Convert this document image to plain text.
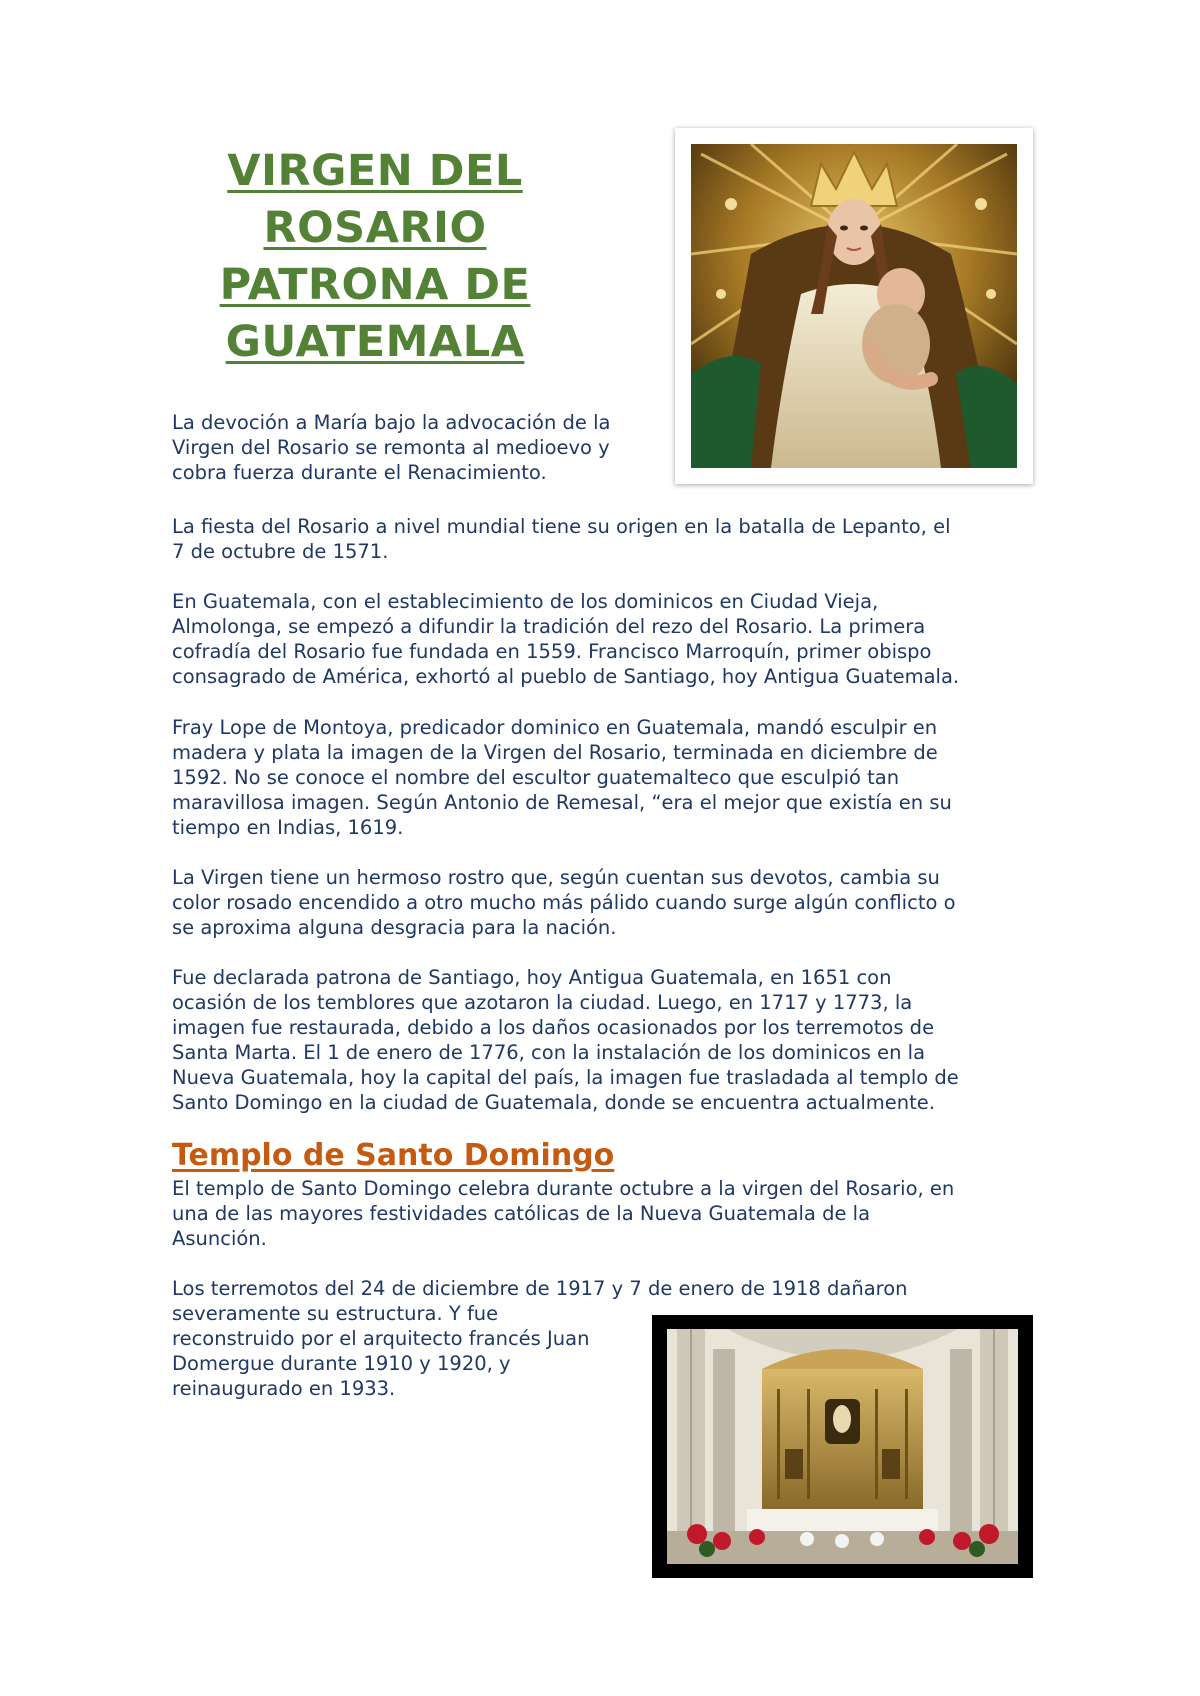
VIRGEN DEL
ROSARIO
PATRONA DE
GUATEMALA

La devoción a María bajo la advocación de la
Virgen del Rosario se remonta al medioevo y
cobra fuerza durante el Renacimiento.

La fiesta del Rosario a nivel mundial tiene su origen en la batalla de Lepanto, el
7 de octubre de 1571.

En Guatemala, con el establecimiento de los dominicos en Ciudad Vieja,
Almolonga, se empezó a difundir la tradición del rezo del Rosario. La primera
cofradía del Rosario fue fundada en 1559. Francisco Marroquín, primer obispo
consagrado de América, exhortó al pueblo de Santiago, hoy Antigua Guatemala.

Fray Lope de Montoya, predicador dominico en Guatemala, mandó esculpir en
madera y plata la imagen de la Virgen del Rosario, terminada en diciembre de
1592. No se conoce el nombre del escultor guatemalteco que esculpió tan
maravillosa imagen. Según Antonio de Remesal, “era el mejor que existía en su
tiempo en Indias, 1619.

La Virgen tiene un hermoso rostro que, según cuentan sus devotos, cambia su
color rosado encendido a otro mucho más pálido cuando surge algún conflicto o
se aproxima alguna desgracia para la nación.

Fue declarada patrona de Santiago, hoy Antigua Guatemala, en 1651 con
ocasión de los temblores que azotaron la ciudad. Luego, en 1717 y 1773, la
imagen fue restaurada, debido a los daños ocasionados por los terremotos de
Santa Marta. El 1 de enero de 1776, con la instalación de los dominicos en la
Nueva Guatemala, hoy la capital del país, la imagen fue trasladada al templo de
Santo Domingo en la ciudad de Guatemala, donde se encuentra actualmente.

Templo de Santo Domingo

El templo de Santo Domingo celebra durante octubre a la virgen del Rosario, en
una de las mayores festividades católicas de la Nueva Guatemala de la
Asunción.

Los terremotos del 24 de diciembre de 1917 y 7 de enero de 1918 dañaron
severamente su estructura. Y fue
reconstruido por el arquitecto francés Juan
Domergue durante 1910 y 1920, y
reinaugurado en 1933.
